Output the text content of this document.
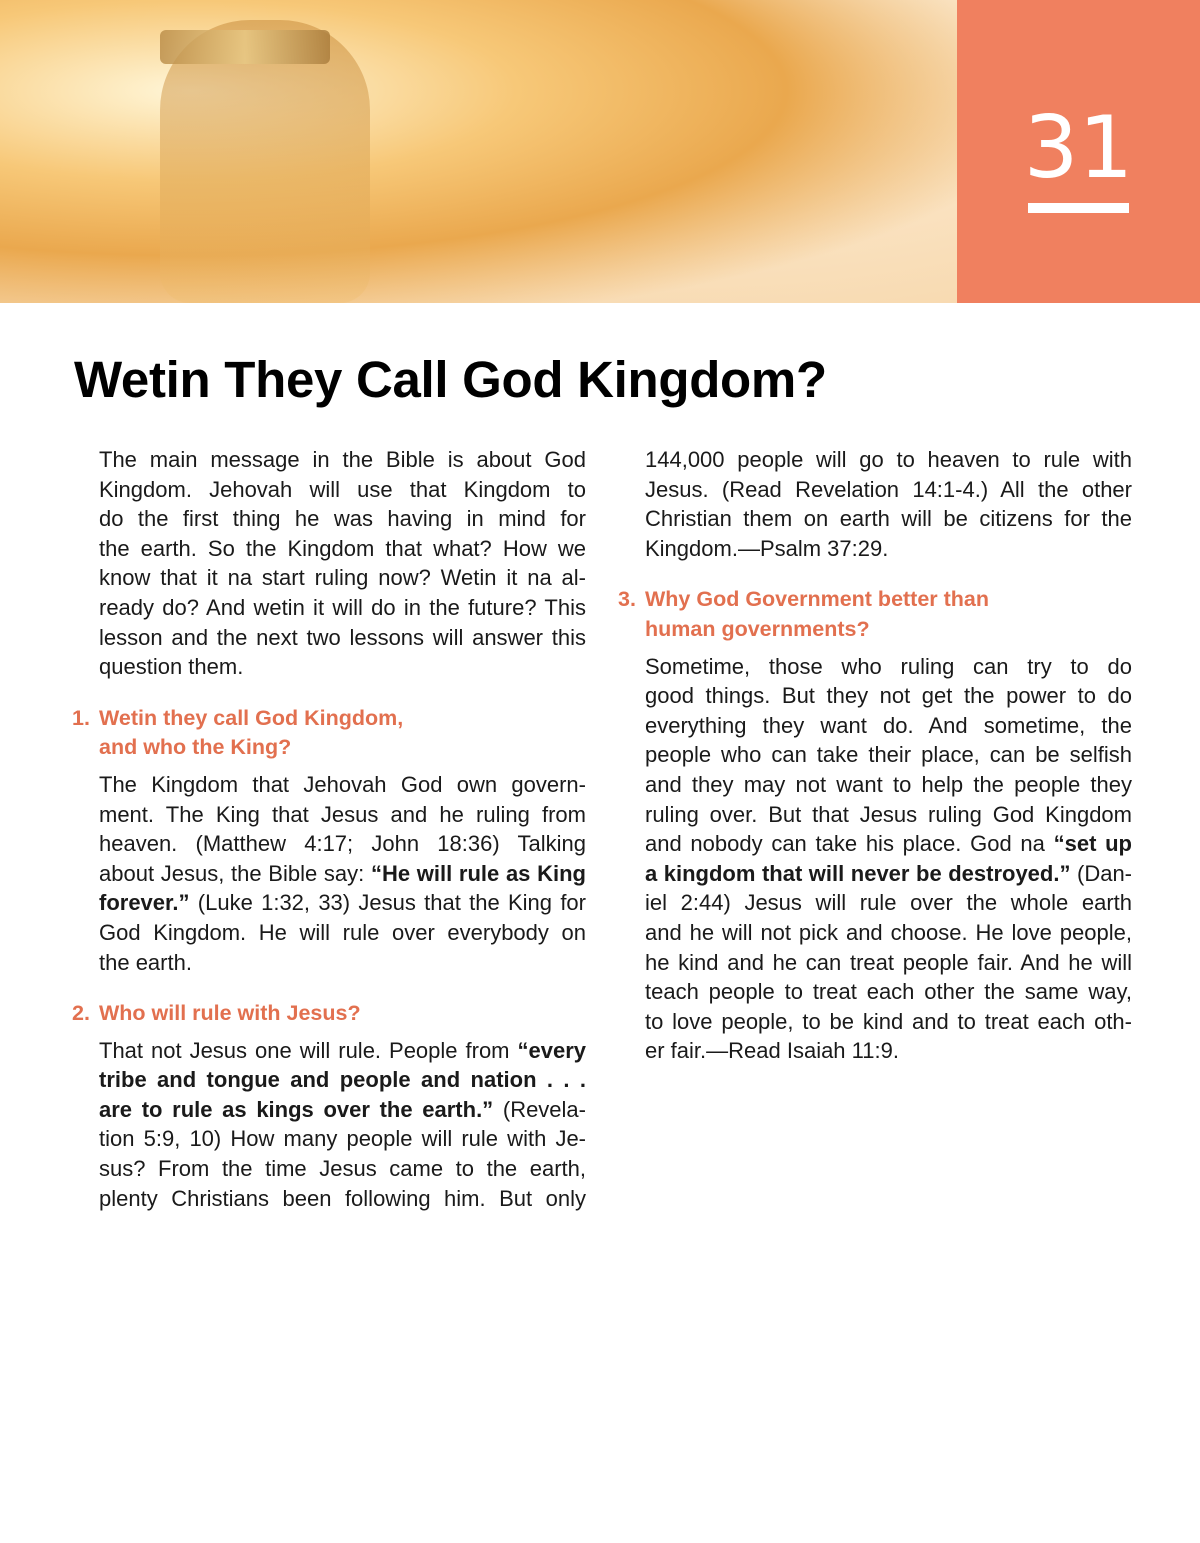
31
Wetin They Call God Kingdom?
The main message in the Bible is about God
Kingdom. Jehovah will use that Kingdom to
do the first thing he was having in mind for
the earth. So the Kingdom that what? How we
know that it na start ruling now? Wetin it na al-
ready do? And wetin it will do in the future? This
lesson and the next two lessons will answer this
question them.
1. Wetin they call God Kingdom,
and who the King?
The Kingdom that Jehovah God own govern-
ment. The King that Jesus and he ruling from
heaven. (Matthew 4:17; John 18:36) Talking
about Jesus, the Bible say: “He will rule as King
forever.” (Luke 1:32, 33) Jesus that the King for
God Kingdom. He will rule over everybody on
the earth.
2. Who will rule with Jesus?
That not Jesus one will rule. People from “every
tribe and tongue and people and nation . . .
are to rule as kings over the earth.” (Revela-
tion 5:9, 10) How many people will rule with Je-
sus? From the time Jesus came to the earth,
plenty Christians been following him. But only
144,000 people will go to heaven to rule with
Jesus. (Read Revelation 14:1-4.) All the other
Christian them on earth will be citizens for the
Kingdom.—Psalm 37:29.
3. Why God Government better than
human governments?
Sometime, those who ruling can try to do
good things. But they not get the power to do
everything they want do. And sometime, the
people who can take their place, can be selfish
and they may not want to help the people they
ruling over. But that Jesus ruling God Kingdom
and nobody can take his place. God na “set up
a kingdom that will never be destroyed.” (Dan-
iel 2:44) Jesus will rule over the whole earth
and he will not pick and choose. He love people,
he kind and he can treat people fair. And he will
teach people to treat each other the same way,
to love people, to be kind and to treat each oth-
er fair.—Read Isaiah 11:9.
